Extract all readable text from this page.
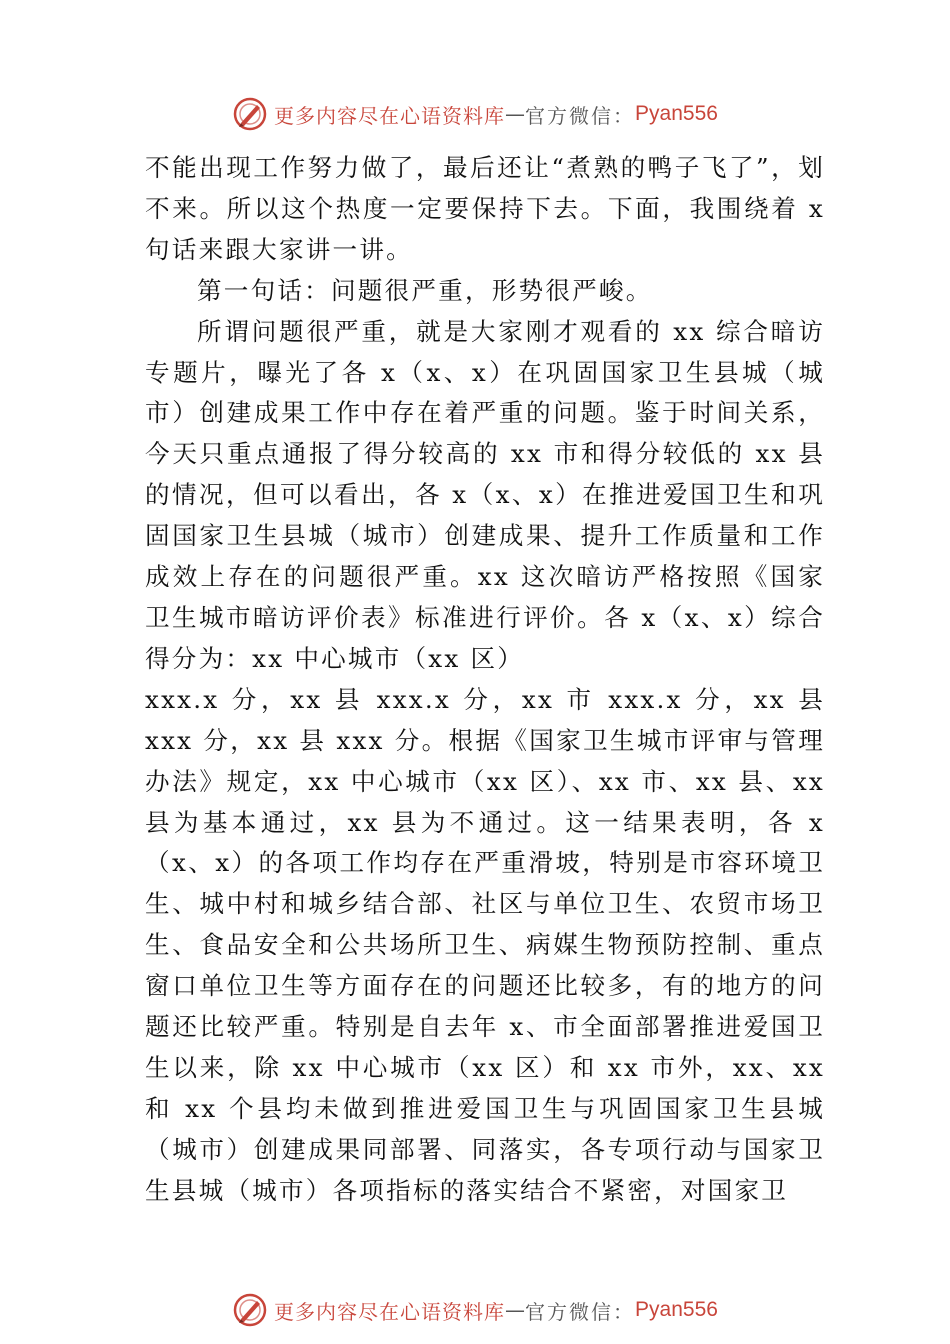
更多内容尽在心语资料库 — 官方微信： Pyan556

不能出现工作努力做了，最后还让“煮熟的鸭子飞了”，划不来。所以这个热度一定要保持下去。下面，我围绕着 x 句话来跟大家讲一讲。

第一句话：问题很严重，形势很严峻。

所谓问题很严重，就是大家刚才观看的 xx 综合暗访专题片，曝光了各 x（x、x）在巩固国家卫生县城（城市）创建成果工作中存在着严重的问题。鉴于时间关系，今天只重点通报了得分较高的 xx 市和得分较低的 xx 县的情况，但可以看出，各 x（x、x）在推进爱国卫生和巩固国家卫生县城（城市）创建成果、提升工作质量和工作成效上存在的问题很严重。xx 这次暗访严格按照《国家卫生城市暗访评价表》标准进行评价。各 x（x、x）综合得分为：xx 中心城市（xx 区）

xxx.x 分，xx 县 xxx.x 分，xx 市 xxx.x 分，xx 县 xxx 分，xx 县 xxx 分。根据《国家卫生城市评审与管理办法》规定，xx 中心城市（xx 区）、xx 市、xx 县、xx 县为基本通过，xx 县为不通过。这一结果表明，各 x（x、x）的各项工作均存在严重滑坡，特别是市容环境卫生、城中村和城乡结合部、社区与单位卫生、农贸市场卫生、食品安全和公共场所卫生、病媒生物预防控制、重点窗口单位卫生等方面存在的问题还比较多，有的地方的问题还比较严重。特别是自去年 x、市全面部署推进爱国卫生以来，除 xx 中心城市（xx 区）和 xx 市外，xx、xx 和 xx 个县均未做到推进爱国卫生与巩固国家卫生县城（城市）创建成果同部署、同落实，各专项行动与国家卫生县城（城市）各项指标的落实结合不紧密，对国家卫

更多内容尽在心语资料库 — 官方微信： Pyan556
